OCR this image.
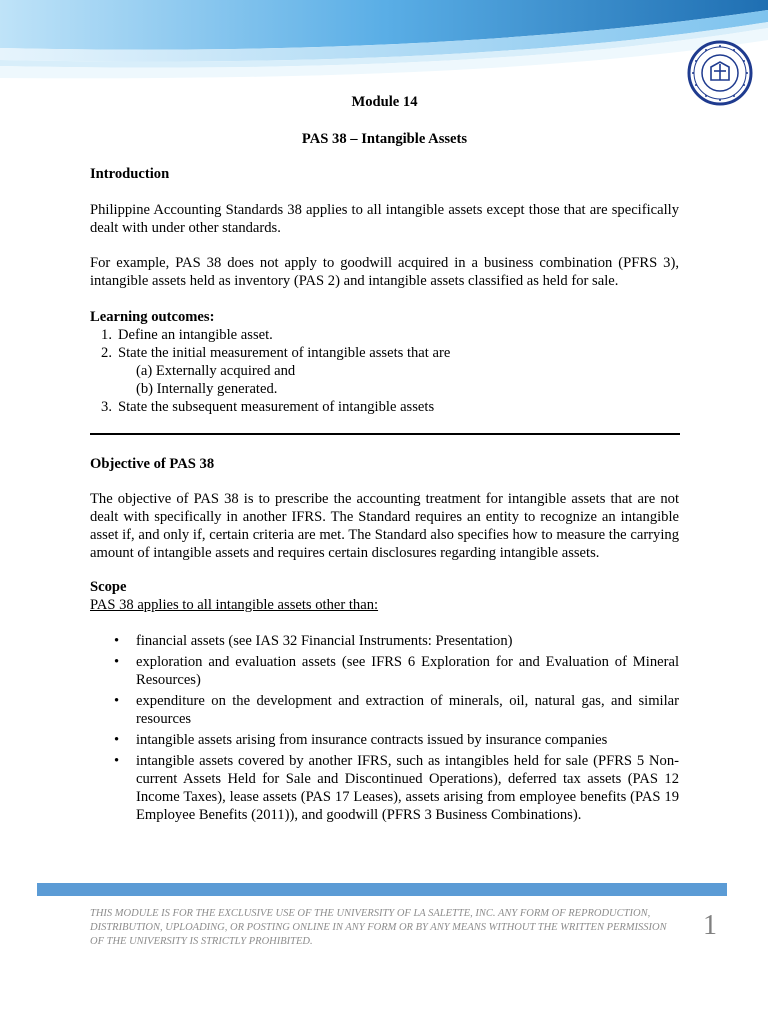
Module 14
PAS 38 – Intangible Assets
Introduction
Philippine Accounting Standards 38 applies to all intangible assets except those that are specifically dealt with under other standards.
For example, PAS 38 does not apply to goodwill acquired in a business combination (PFRS 3), intangible assets held as inventory (PAS 2) and intangible assets classified as held for sale.
Learning outcomes:
1. Define an intangible asset.
2. State the initial measurement of intangible assets that are
(a) Externally acquired and
(b) Internally generated.
3. State the subsequent measurement of intangible assets
Objective of PAS 38
The objective of PAS 38 is to prescribe the accounting treatment for intangible assets that are not dealt with specifically in another IFRS. The Standard requires an entity to recognize an intangible asset if, and only if, certain criteria are met. The Standard also specifies how to measure the carrying amount of intangible assets and requires certain disclosures regarding intangible assets.
Scope
PAS 38 applies to all intangible assets other than:
• financial assets (see IAS 32 Financial Instruments: Presentation)
• exploration and evaluation assets (see IFRS 6 Exploration for and Evaluation of Mineral Resources)
• expenditure on the development and extraction of minerals, oil, natural gas, and similar resources
• intangible assets arising from insurance contracts issued by insurance companies
• intangible assets covered by another IFRS, such as intangibles held for sale (PFRS 5 Non-current Assets Held for Sale and Discontinued Operations), deferred tax assets (PAS 12 Income Taxes), lease assets (PAS 17 Leases), assets arising from employee benefits (PAS 19 Employee Benefits (2011)), and goodwill (PFRS 3 Business Combinations).
THIS MODULE IS FOR THE EXCLUSIVE USE OF THE UNIVERSITY OF LA SALETTE, INC. ANY FORM OF REPRODUCTION, DISTRIBUTION, UPLOADING, OR POSTING ONLINE IN ANY FORM OR BY ANY MEANS WITHOUT THE WRITTEN PERMISSION OF THE UNIVERSITY IS STRICTLY PROHIBITED.
1
